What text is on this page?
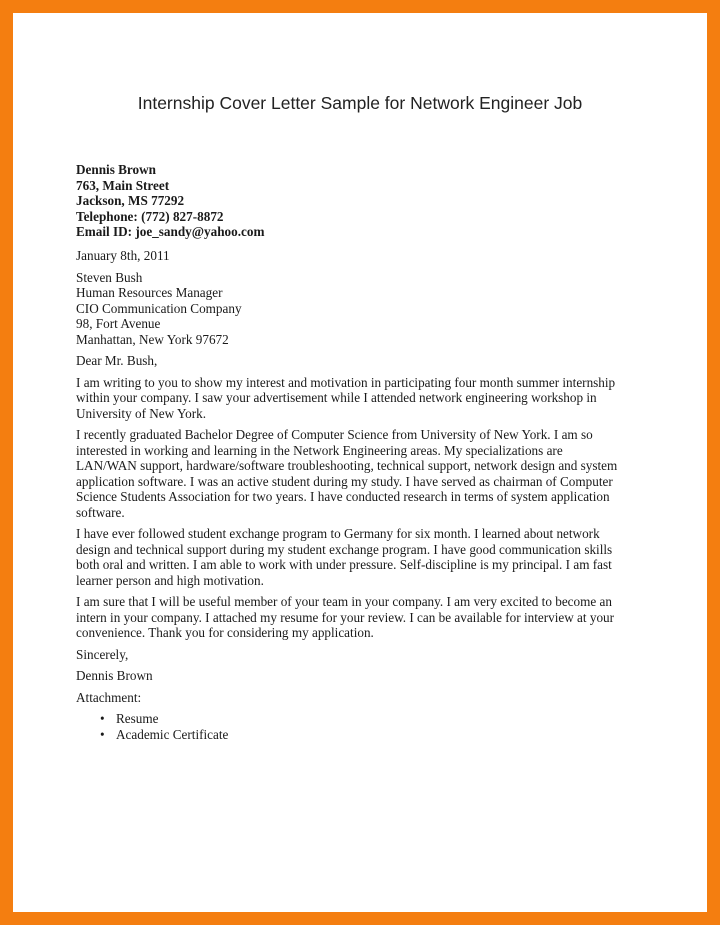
Internship Cover Letter Sample for Network Engineer Job
Dennis Brown
763, Main Street
Jackson, MS 77292
Telephone: (772) 827-8872
Email ID: joe_sandy@yahoo.com
January 8th, 2011
Steven Bush
Human Resources Manager
CIO Communication Company
98, Fort Avenue
Manhattan, New York 97672
Dear Mr. Bush,
I am writing to you to show my interest and motivation in participating four month summer internship
within your company. I saw your advertisement while I attended network engineering workshop in
University of New York.
I recently graduated Bachelor Degree of Computer Science from University of New York. I am so
interested in working and learning in the Network Engineering areas. My specializations are
LAN/WAN support, hardware/software troubleshooting, technical support, network design and system
application software. I was an active student during my study. I have served as chairman of Computer
Science Students Association for two years. I have conducted research in terms of system application
software.
I have ever followed student exchange program to Germany for six month. I learned about network
design and technical support during my student exchange program. I have good communication skills
both oral and written. I am able to work with under pressure. Self-discipline is my principal. I am fast
learner person and high motivation.
I am sure that I will be useful member of your team in your company. I am very excited to become an
intern in your company. I attached my resume for your review. I can be available for interview at your
convenience. Thank you for considering my application.
Sincerely,
Dennis Brown
Attachment:
• Resume
• Academic Certificate
